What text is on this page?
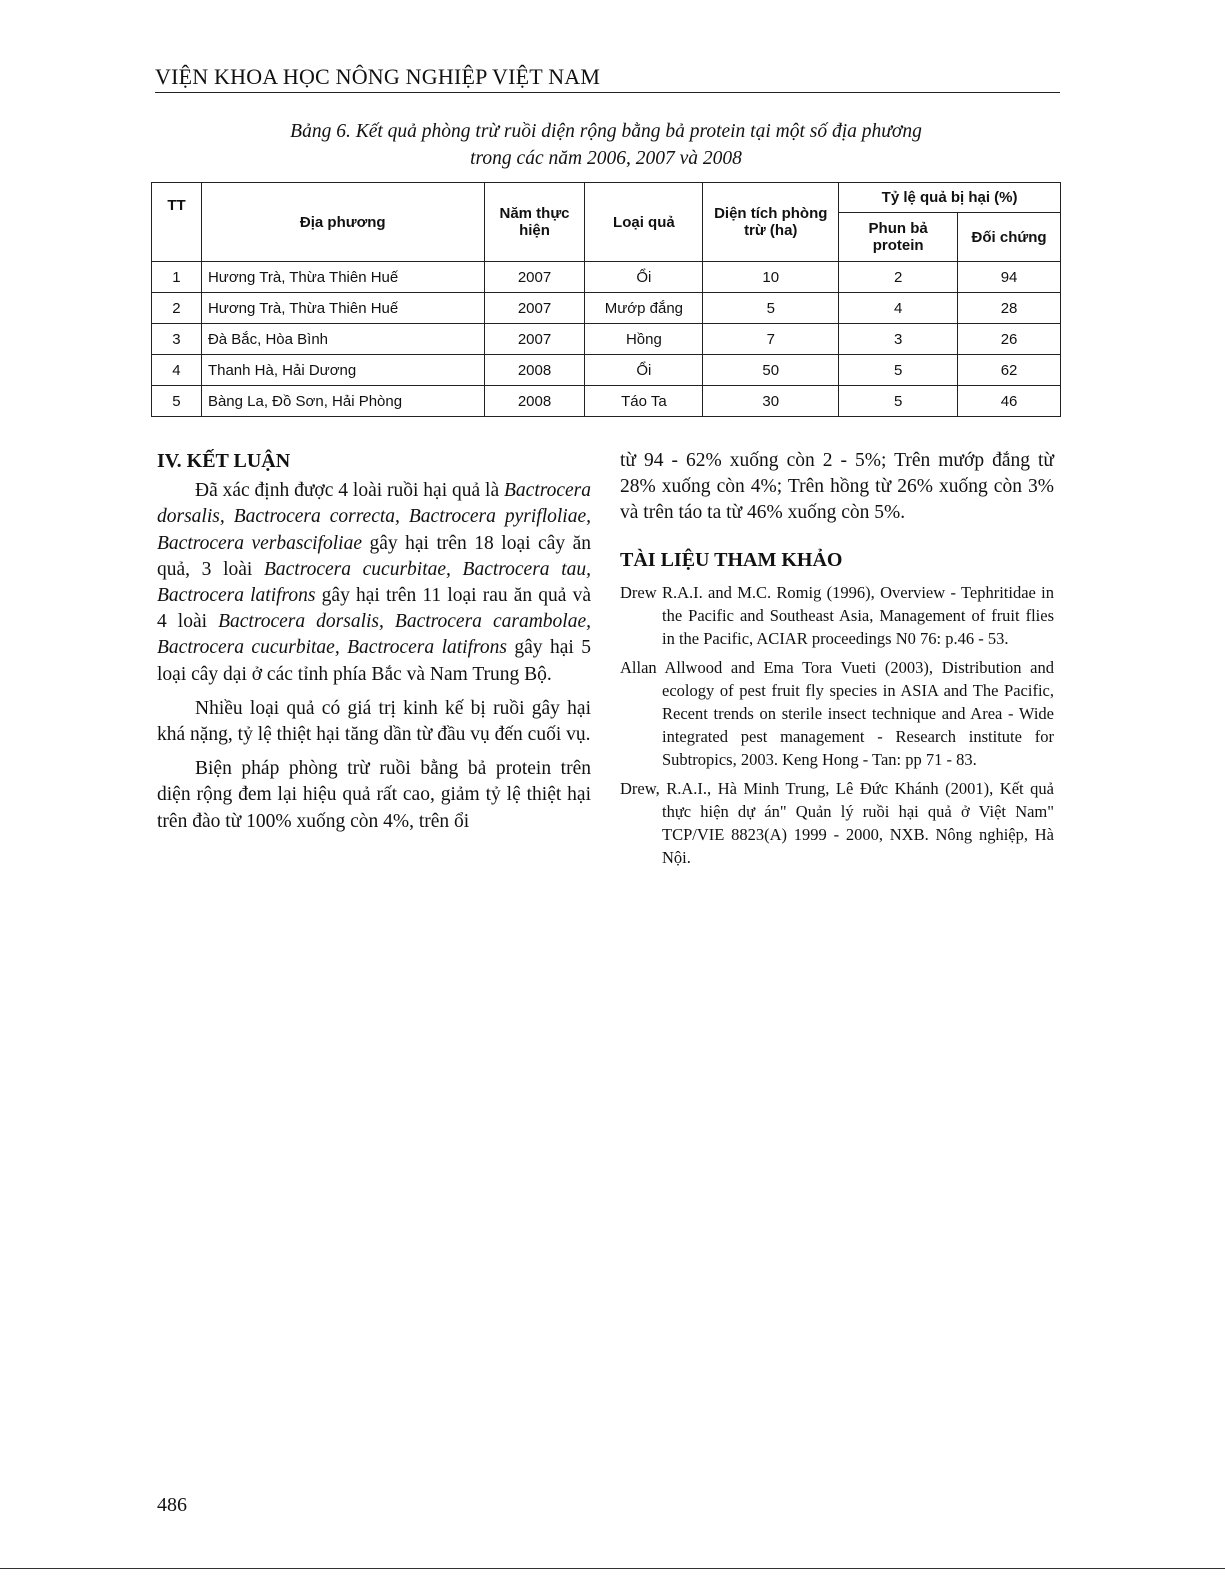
VIỆN KHOA HỌC NÔNG NGHIỆP VIỆT NAM
Bảng 6. Kết quả phòng trừ ruồi diện rộng bằng bả protein tại một số địa phương
trong các năm 2006, 2007 và 2008
TT	Địa phương	Năm thực hiện	Loại quả	Diện tích phòng trừ (ha)	Tỷ lệ quả bị hại (%)	
					Phun bả protein	Đối chứng
1	Hương Trà, Thừa Thiên Huế	2007	Ổi	10	2	94
2	Hương Trà, Thừa Thiên Huế	2007	Mướp đắng	5	4	28
3	Đà Bắc, Hòa Bình	2007	Hồng	7	3	26
4	Thanh Hà, Hải Dương	2008	Ổi	50	5	62
5	Bàng La, Đồ Sơn, Hải Phòng	2008	Táo Ta	30	5	46
IV. KẾT LUẬN

Đã xác định được 4 loài ruồi hại quả là Bactrocera dorsalis, Bactrocera correcta, Bactrocera pyrifloliae, Bactrocera verbascifoliae gây hại trên 18 loại cây ăn quả, 3 loài Bactrocera cucurbitae, Bactrocera tau, Bactrocera latifrons gây hại trên 11 loại rau ăn quả và 4 loài Bactrocera dorsalis, Bactrocera carambolae, Bactrocera cucurbitae, Bactrocera latifrons gây hại 5 loại cây dại ở các tỉnh phía Bắc và Nam Trung Bộ.

Nhiều loại quả có giá trị kinh kế bị ruồi gây hại khá nặng, tỷ lệ thiệt hại tăng dần từ đầu vụ đến cuối vụ.

Biện pháp phòng trừ ruồi bằng bả protein trên diện rộng đem lại hiệu quả rất cao, giảm tỷ lệ thiệt hại trên đào từ 100% xuống còn 4%, trên ổi

từ 94 - 62% xuống còn 2 - 5%; Trên mướp đắng từ 28% xuống còn 4%; Trên hồng từ 26% xuống còn 3% và trên táo ta từ 46% xuống còn 5%.

TÀI LIỆU THAM KHẢO
Drew R.A.I. and M.C. Romig (1996), Overview - Tephritidae in the Pacific and Southeast Asia, Management of fruit flies in the Pacific, ACIAR proceedings N0 76: p.46 - 53.
Allan Allwood and Ema Tora Vueti (2003), Distribution and ecology of pest fruit fly species in ASIA and The Pacific, Recent trends on sterile insect technique and Area - Wide integrated pest management - Research institute for Subtropics, 2003. Keng Hong - Tan: pp 71 - 83.
Drew, R.A.I., Hà Minh Trung, Lê Đức Khánh (2001), Kết quả thực hiện dự án" Quản lý ruồi hại quả ở Việt Nam" TCP/VIE 8823(A) 1999 - 2000, NXB. Nông nghiệp, Hà Nội.
486
